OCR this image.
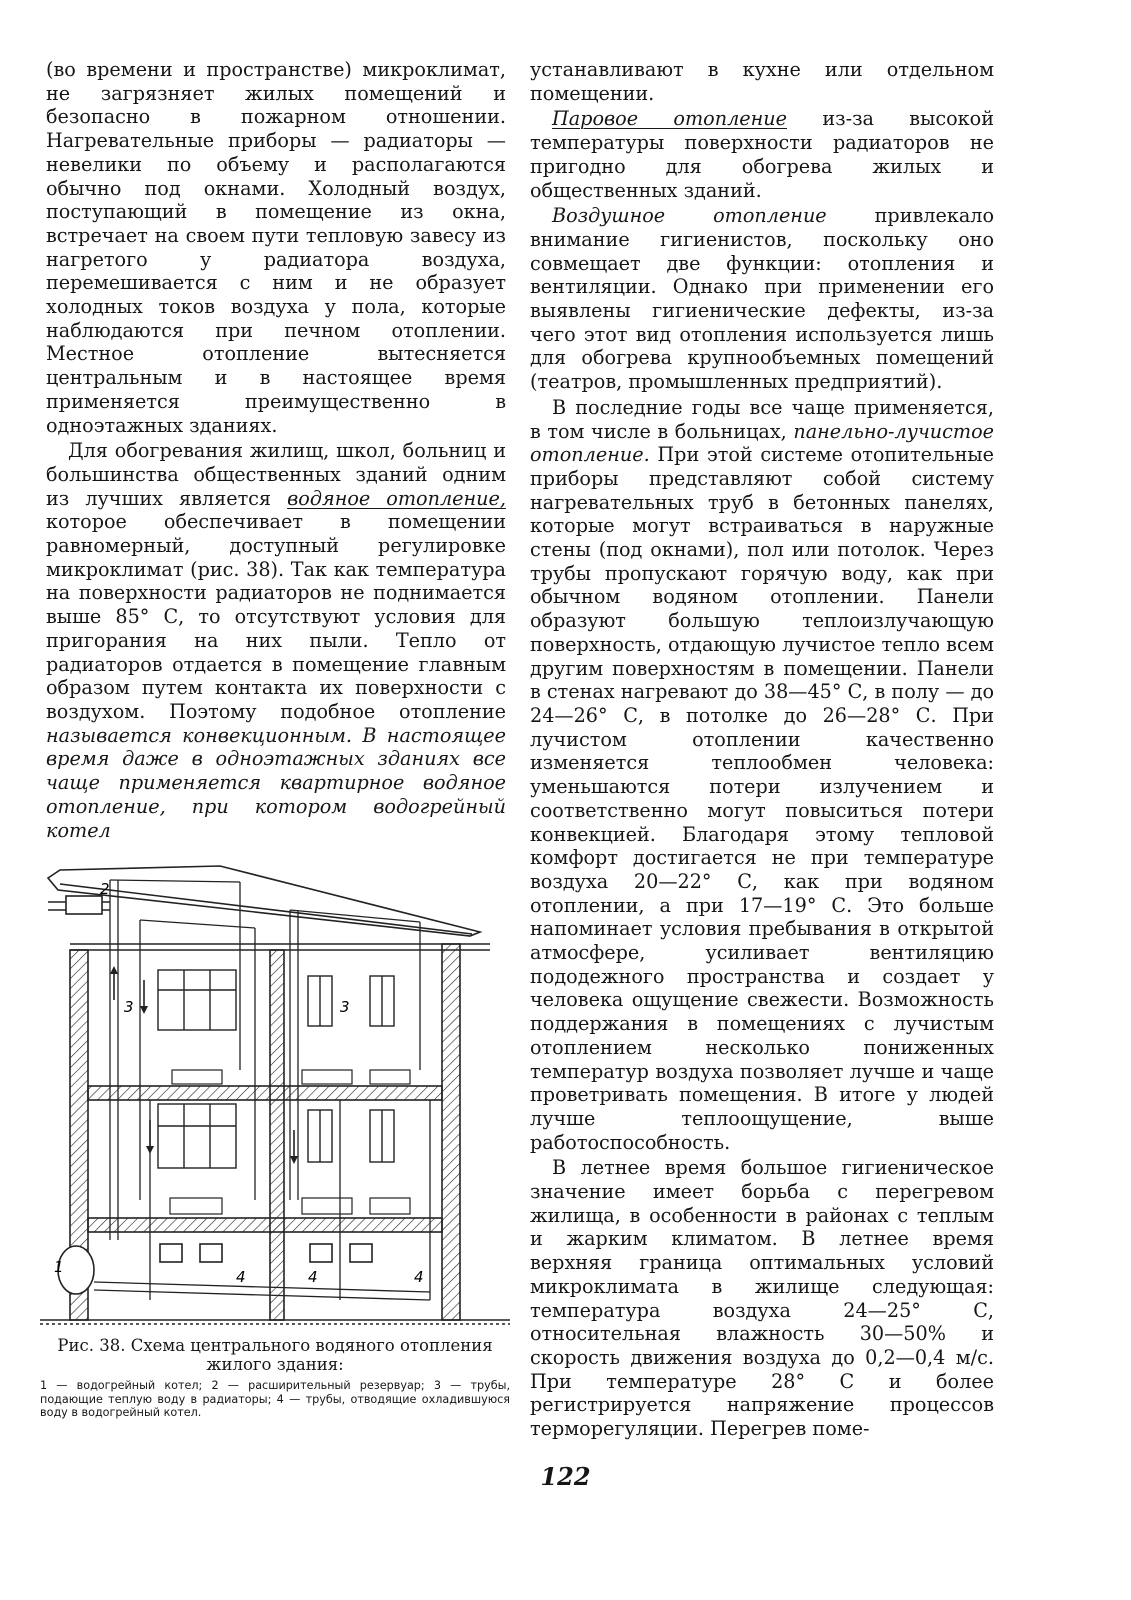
(во времени и пространстве) микроклимат, не загрязняет жилых помещений и безопасно в пожарном отношении. Нагревательные приборы — радиаторы — невелики по объему и располагаются обычно под окнами. Холодный воздух, поступающий в помещение из окна, встречает на своем пути тепловую завесу из нагретого у радиатора воздуха, перемешивается с ним и не образует холодных токов воздуха у пола, которые наблюдаются при печном отоплении. Местное отопление вытесняется центральным и в настоящее время применяется преимущественно в одноэтажных зданиях.

Для обогревания жилищ, школ, больниц и большинства общественных зданий одним из лучших является водяное отопление, которое обеспечивает в помещении равномерный, доступный регулировке микроклимат (рис. 38). Так как температура на поверхности радиаторов не поднимается выше 85° С, то отсутствуют условия для пригорания на них пыли. Тепло от радиаторов отдается в помещение главным образом путем контакта их поверхности с воздухом. Поэтому подобное отопление называется конвекционным. В настоящее время даже в одноэтажных зданиях все чаще применяется квартирное водяное отопление, при котором водогрейный котел

устанавливают в кухне или отдельном помещении.

Паровое отопление из-за высокой температуры поверхности радиаторов не пригодно для обогрева жилых и общественных зданий.

Воздушное отопление привлекало внимание гигиенистов, поскольку оно совмещает две функции: отопления и вентиляции. Однако при применении его выявлены гигиенические дефекты, из-за чего этот вид отопления используется лишь для обогрева крупнообъемных помещений (театров, промышленных предприятий).

В последние годы все чаще применяется, в том числе в больницах, панельно-лучистое отопление. При этой системе отопительные приборы представляют собой систему нагревательных труб в бетонных панелях, которые могут встраиваться в наружные стены (под окнами), пол или потолок. Через трубы пропускают горячую воду, как при обычном водяном отоплении. Панели образуют большую теплоизлучающую поверхность, отдающую лучистое тепло всем другим поверхностям в помещении. Панели в стенах нагревают до 38—45° С, в полу — до 24—26° С, в потолке до 26—28° С. При лучистом отоплении качественно изменяется теплообмен человека: уменьшаются потери излучением и соответственно могут повыситься потери конвекцией. Благодаря этому тепловой комфорт достигается не при температуре воздуха 20—22° С, как при водяном отоплении, а при 17—19° С. Это больше напоминает условия пребывания в открытой атмосфере, усиливает вентиляцию пододежного пространства и создает у человека ощущение свежести. Возможность поддержания в помещениях с лучистым отоплением несколько пониженных температур воздуха позволяет лучше и чаще проветривать помещения. В итоге у людей лучше теплоощущение, выше работоспособность.

В летнее время большое гигиеническое значение имеет борьба с перегревом жилища, в особенности в районах с теплым и жарким климатом. В летнее время верхняя граница оптимальных условий микроклимата в жилище следующая: температура воздуха 24—25° С, относительная влажность 30—50% и скорость движения воздуха до 0,2—0,4 м/с. При температуре 28° С и более регистрируется напряжение процессов терморегуляции. Перегрев поме-

1
2
3	3
4	4	4

Рис. 38. Схема центрального водяного отопления жилого здания:

1 — водогрейный котел; 2 — расширительный резервуар; 3 — трубы, подающие теплую воду в радиаторы; 4 — трубы, отводящие охладившуюся воду в водогрейный котел.

122
